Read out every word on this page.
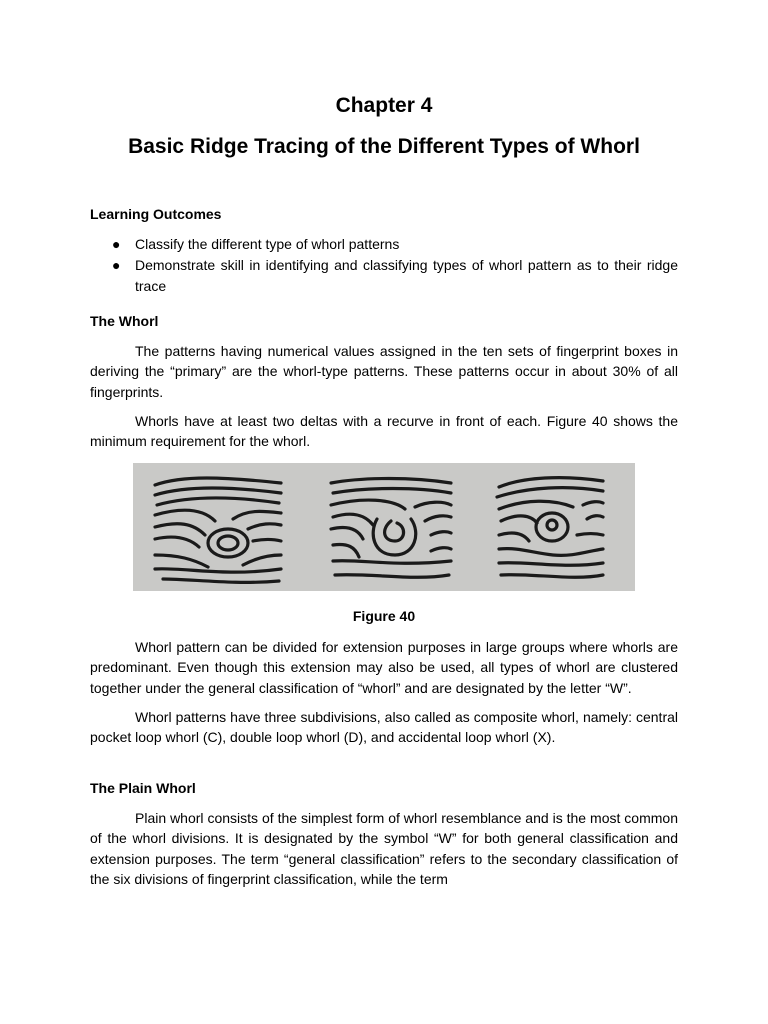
Chapter 4
Basic Ridge Tracing of the Different Types of Whorl
Learning Outcomes
● Classify the different type of whorl patterns
● Demonstrate skill in identifying and classifying types of whorl pattern as to their ridge trace
The Whorl

The patterns having numerical values assigned in the ten sets of fingerprint boxes in deriving the “primary” are the whorl-type patterns. These patterns occur in about 30% of all fingerprints.

Whorls have at least two deltas with a recurve in front of each. Figure 40 shows the minimum requirement for the whorl.

Figure 40

Whorl pattern can be divided for extension purposes in large groups where whorls are predominant. Even though this extension may also be used, all types of whorl are clustered together under the general classification of “whorl” and are designated by the letter “W”.

Whorl patterns have three subdivisions, also called as composite whorl, namely: central pocket loop whorl (C), double loop whorl (D), and accidental loop whorl (X).

The Plain Whorl

Plain whorl consists of the simplest form of whorl resemblance and is the most common of the whorl divisions. It is designated by the symbol “W” for both general classification and extension purposes. The term “general classification” refers to the secondary classification of the six divisions of fingerprint classification, while the term
